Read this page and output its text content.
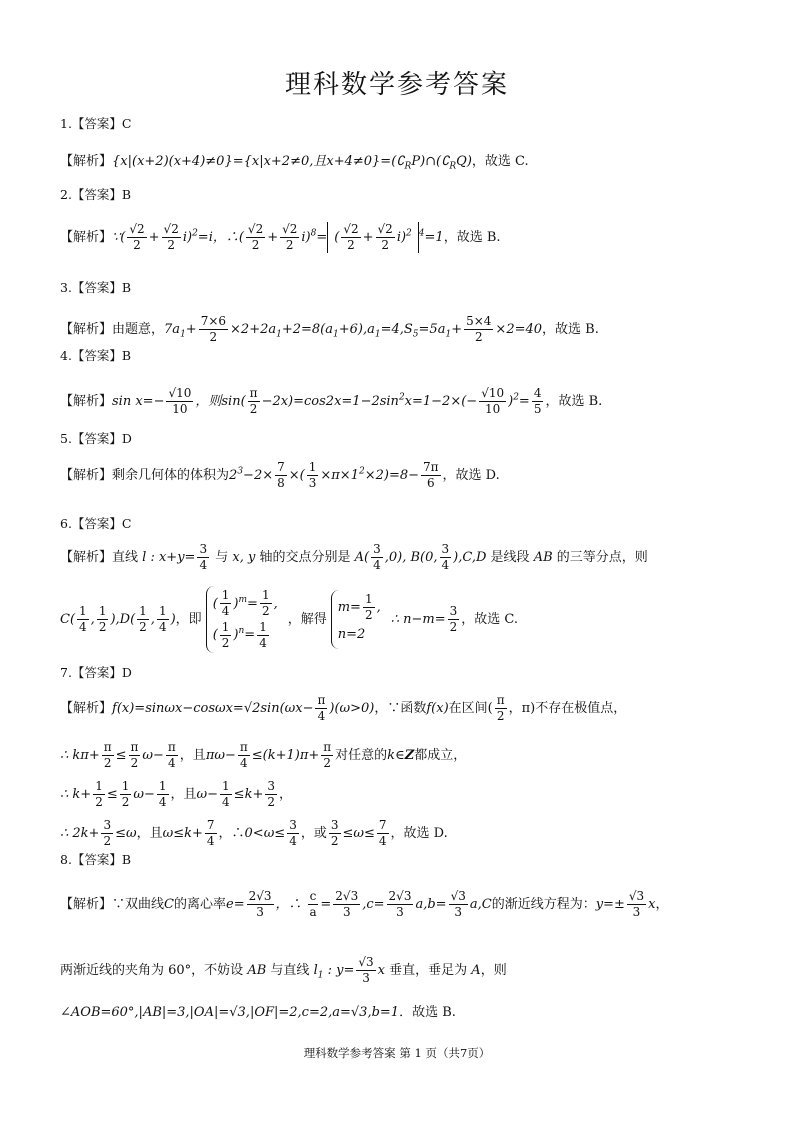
理科数学参考答案
1.【答案】C
【解析】{x|(x+2)(x+4)≠0}={x|x+2≠0,且$x+4\ne 0\}=(∁_RP)\cap(∁_RQ)$，故选 C.
2.【答案】B
【解析】∵( $\frac{√2}{2} + \frac{√2}{2} i)^2=i$，∴( $\frac{√2}{2} + \frac{√2}{2} i)^8=$ ( $\frac{√2}{2} + \frac{√2}{2} i)^2$ $^4$=1，故选 B.
3.【答案】B
【解析】由题意，$7a_1+ \frac{7\times 6}{2} \times 2+2a_1+2=8(a_1+6),a_1=4,S_5=5a_1+ \frac{5\times 4}{2} \times 2=40$，故选 B.
4.【答案】B
【解析】$\sin x=- \frac{√10}{10}$ ，则$\sin( \frac{\pi}{2} -2x)=\cos 2x=1-2\sin^2x=1-2\times(- \frac{√10}{10} )^2= \frac{4}{5}$ ，故选 B.
5.【答案】D
【解析】剩余几何体的体积为$2^3-2\times \frac{7}{8}$ ×( $\frac{1}{3} \times\pi\times 1^2\times 2)=8- \frac{7\pi}{6}$ ，故选 D.
6.【答案】C
【解析】直线 l : $x+y= \frac{3}{4}$ 与 x, y 轴的交点分别是 $A( \frac{3}{4} ,0)$, B(0, $\frac{3}{4} ),C,D$ 是线段 AB 的三等分点，则
$C( \frac{1}{4}$ , $\frac{1}{2} ),D( \frac{1}{2}$ , $\frac{1}{4}$ )，即
( $\frac{1}{4} )^m= \frac{1}{2}$ ,
( $\frac{1}{2} )^n= \frac{1}{4}$
，解得
$m= \frac{1}{2}$ ,
n=2
∴ $n-m= \frac{3}{2}$ ，故选 C.
7.【答案】D
【解析】$f(x)=\sin\omega x-\cos\omega x=√2\sin(\omega x- \frac{\pi}{4} )(\omega>0)$，∵函数f(x)在区间( $\frac{\pi}{2}$ ，π)不存在极值点，
∴ $k\pi+ \frac{\pi}{2} \le \frac{\pi}{2} \omega- \frac{\pi}{4}$ ，且$\pi\omega- \frac{\pi}{4} \le(k+1)\pi+ \frac{\pi}{2}$ 对任意的k∈Z都成立，
∴ $k+ \frac{1}{2} \le \frac{1}{2} \omega- \frac{1}{4}$ ，且$\omega- \frac{1}{4} \le k+ \frac{3}{2}$ ，
∴ $2k+ \frac{3}{2} \le\omega$，且$\omega\le k+ \frac{7}{4}$ ，∴0<ω≤ $\frac{3}{4}$ ，或 $\frac{3}{2} \le\omega\le \frac{7}{4}$ ，故选 D.
8.【答案】B
【解析】∵双曲线C的离心率$e= \frac{2√3}{3}$ ，∴ $\frac{c}{a} = \frac{2√3}{3} ,c= \frac{2√3}{3} a,b= \frac{√3}{3} a,C$的渐近线方程为：$y=\pm \frac{√3}{3}$ x，
两渐近线的夹角为 60°，不妨设 AB 与直线 $l_1$ : $y= \frac{√3}{3}$ x 垂直，垂足为 A，则
∠AOB=60°,|AB|=3,|OA|=√3,|OF|=2,c=2,a=√3,b=1．故选 B.
理科数学参考答案 第 1 页（共7页）
